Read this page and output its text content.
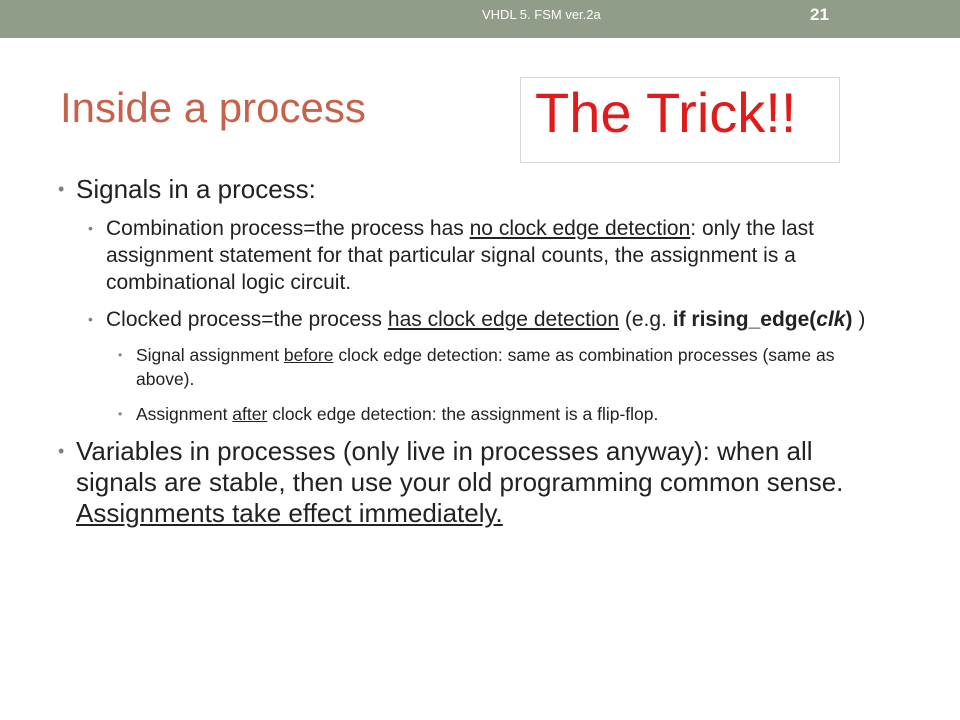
VHDL 5. FSM ver.2a	21
Inside a process	The Trick!!
• Signals in a process:
• Combination process=the process has no clock edge detection: only the last assignment statement for that particular signal counts, the assignment is a combinational logic circuit.
• Clocked process=the process has clock edge detection (e.g. if rising_edge(clk) )
• Signal assignment before clock edge detection: same as combination processes (same as above).
• Assignment after clock edge detection: the assignment is a flip-flop.
• Variables in processes (only live in processes anyway): when all signals are stable, then use your old programming common sense. Assignments take effect immediately.
